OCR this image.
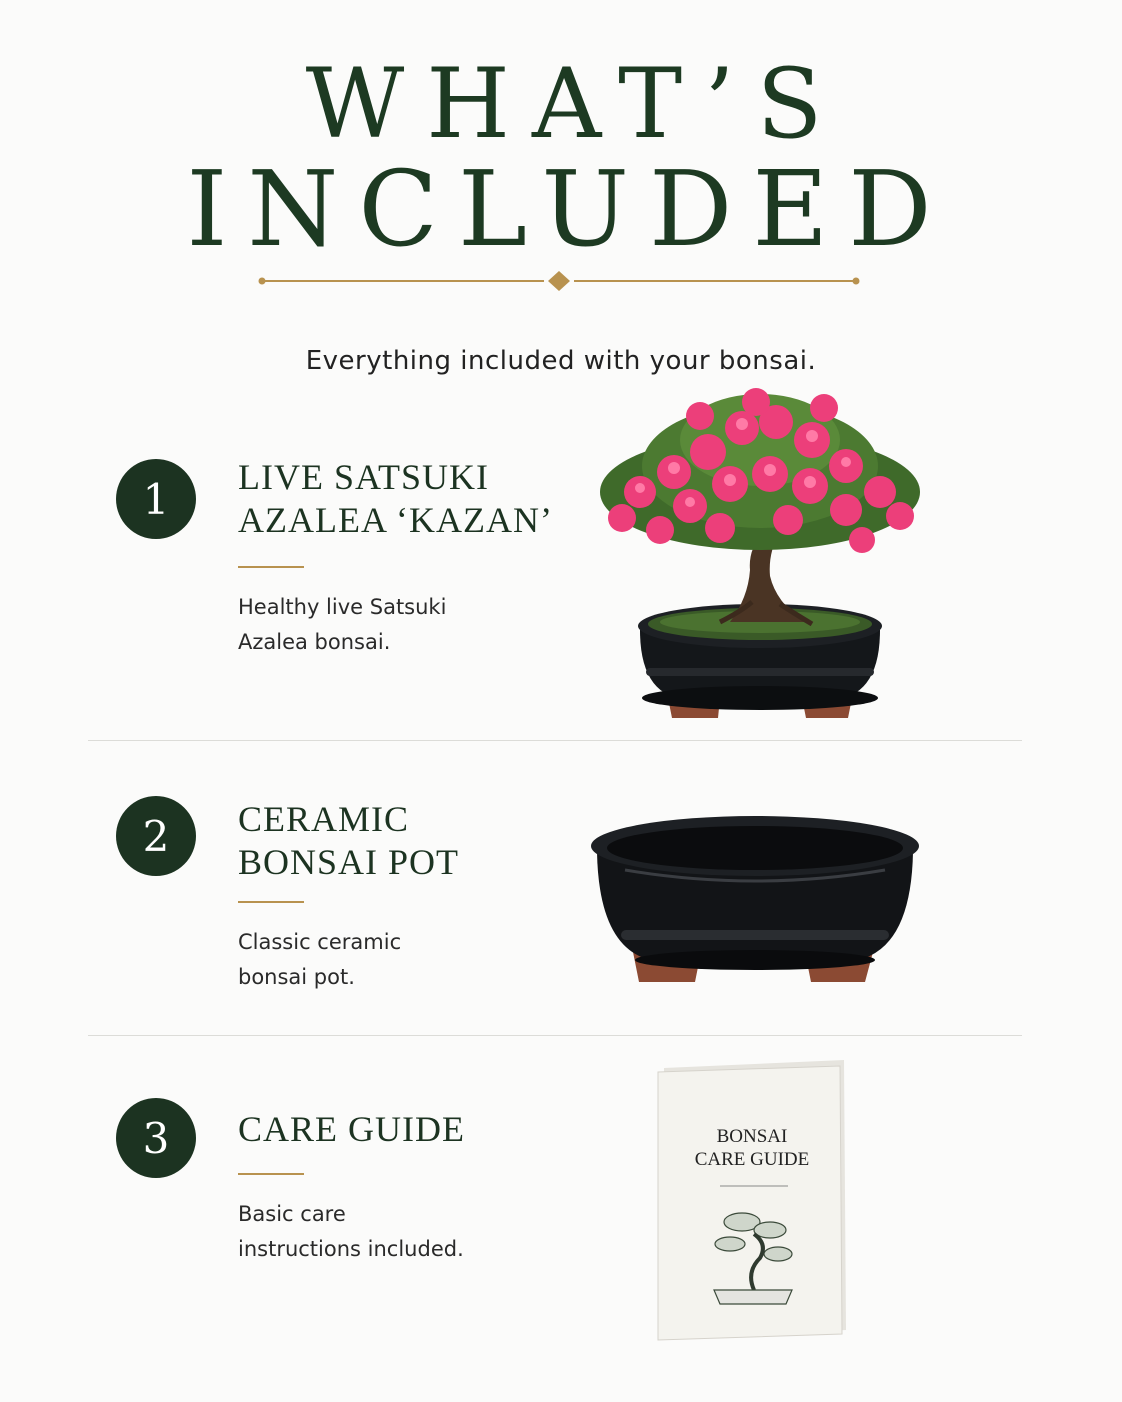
WHAT’S
INCLUDED

Everything included with your bonsai.

1	LIVE SATSUKI
AZALEA ‘KAZAN’

Healthy live Satsuki
Azalea bonsai.

2	CERAMIC
BONSAI POT

Classic ceramic
bonsai pot.

3	CARE GUIDE

Basic care
instructions included.

BONSAI
CARE GUIDE
